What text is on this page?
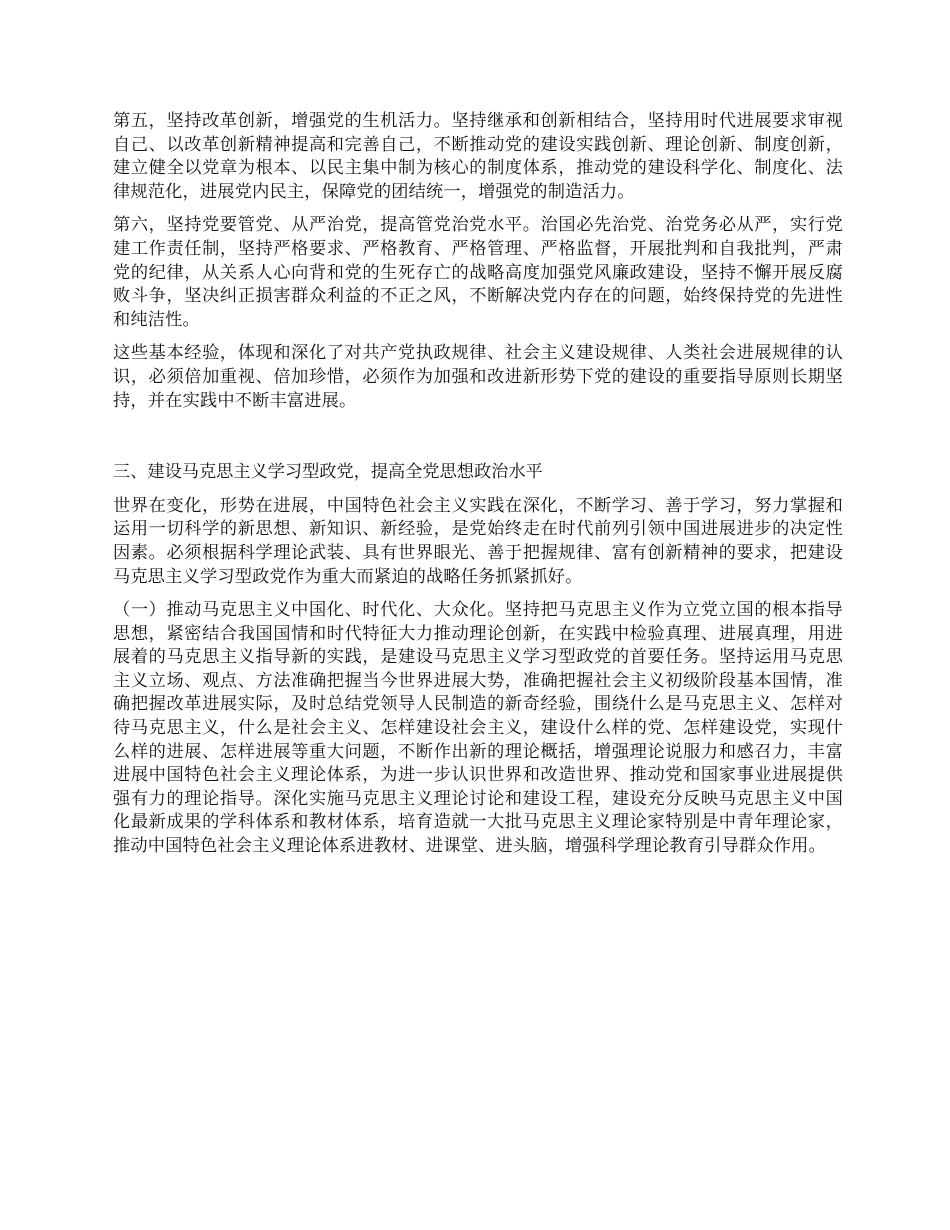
第五，坚持改革创新，增强党的生机活力。坚持继承和创新相结合，坚持用时代进展要求审视自己、以改革创新精神提高和完善自己，不断推动党的建设实践创新、理论创新、制度创新，建立健全以党章为根本、以民主集中制为核心的制度体系，推动党的建设科学化、制度化、法律规范化，进展党内民主，保障党的团结统一，增强党的制造活力。

第六，坚持党要管党、从严治党，提高管党治党水平。治国必先治党、治党务必从严，实行党建工作责任制，坚持严格要求、严格教育、严格管理、严格监督，开展批判和自我批判，严肃党的纪律，从关系人心向背和党的生死存亡的战略高度加强党风廉政建设，坚持不懈开展反腐败斗争，坚决纠正损害群众利益的不正之风，不断解决党内存在的问题，始终保持党的先进性和纯洁性。

这些基本经验，体现和深化了对共产党执政规律、社会主义建设规律、人类社会进展规律的认识，必须倍加重视、倍加珍惜，必须作为加强和改进新形势下党的建设的重要指导原则长期坚持，并在实践中不断丰富进展。

三、建设马克思主义学习型政党，提高全党思想政治水平

世界在变化，形势在进展，中国特色社会主义实践在深化，不断学习、善于学习，努力掌握和运用一切科学的新思想、新知识、新经验，是党始终走在时代前列引领中国进展进步的决定性因素。必须根据科学理论武装、具有世界眼光、善于把握规律、富有创新精神的要求，把建设马克思主义学习型政党作为重大而紧迫的战略任务抓紧抓好。

（一）推动马克思主义中国化、时代化、大众化。坚持把马克思主义作为立党立国的根本指导思想，紧密结合我国国情和时代特征大力推动理论创新，在实践中检验真理、进展真理，用进展着的马克思主义指导新的实践，是建设马克思主义学习型政党的首要任务。坚持运用马克思主义立场、观点、方法准确把握当今世界进展大势，准确把握社会主义初级阶段基本国情，准确把握改革进展实际，及时总结党领导人民制造的新奇经验，围绕什么是马克思主义、怎样对待马克思主义，什么是社会主义、怎样建设社会主义，建设什么样的党、怎样建设党，实现什么样的进展、怎样进展等重大问题，不断作出新的理论概括，增强理论说服力和感召力，丰富进展中国特色社会主义理论体系，为进一步认识世界和改造世界、推动党和国家事业进展提供强有力的理论指导。深化实施马克思主义理论讨论和建设工程，建设充分反映马克思主义中国化最新成果的学科体系和教材体系，培育造就一大批马克思主义理论家特别是中青年理论家，推动中国特色社会主义理论体系进教材、进课堂、进头脑，增强科学理论教育引导群众作用。
